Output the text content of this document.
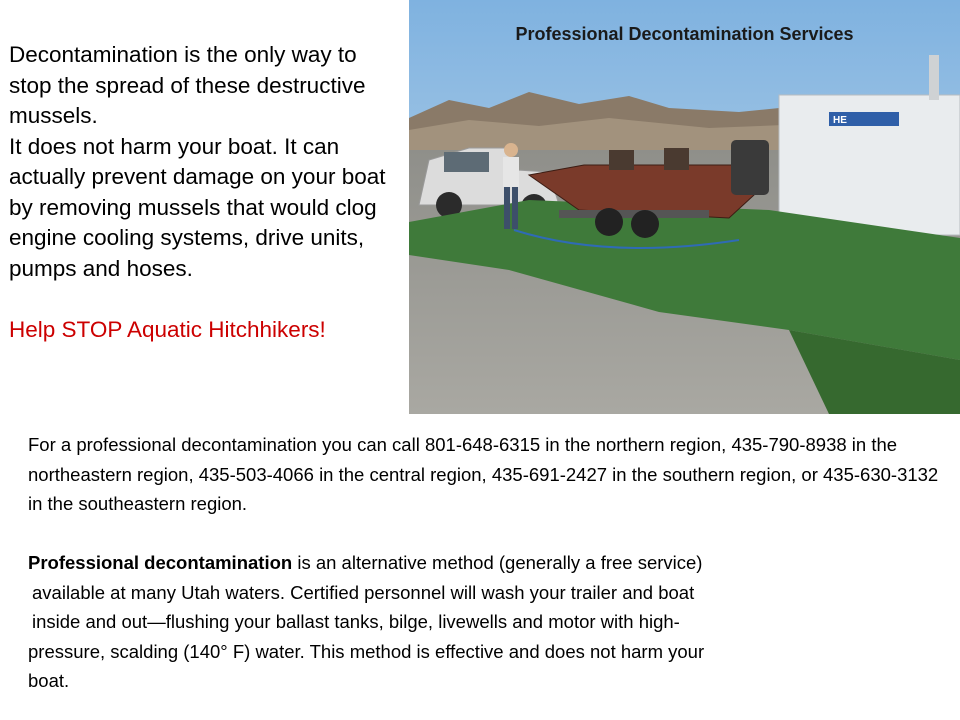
Decontamination is the only way to stop the spread of these destructive mussels.

It does not harm your boat. It can actually prevent damage on your boat by removing mussels that would clog engine cooling systems, drive units, pumps and hoses.

Help STOP Aquatic Hitchhikers!

HE
Professional Decontamination Services

For a professional decontamination you can call 801-648-6315 in the northern region, 435-790-8938 in the northeastern region, 435-503-4066 in the central region, 435-691-2427 in the southern region, or 435-630-3132 in the southeastern region.

Professional decontamination is an alternative method (generally a free service)

available at many Utah waters. Certified personnel will wash your trailer and boat

inside and out—flushing your ballast tanks, bilge, livewells and motor with high-

pressure, scalding (140° F) water. This method is effective and does not harm your

boat.
